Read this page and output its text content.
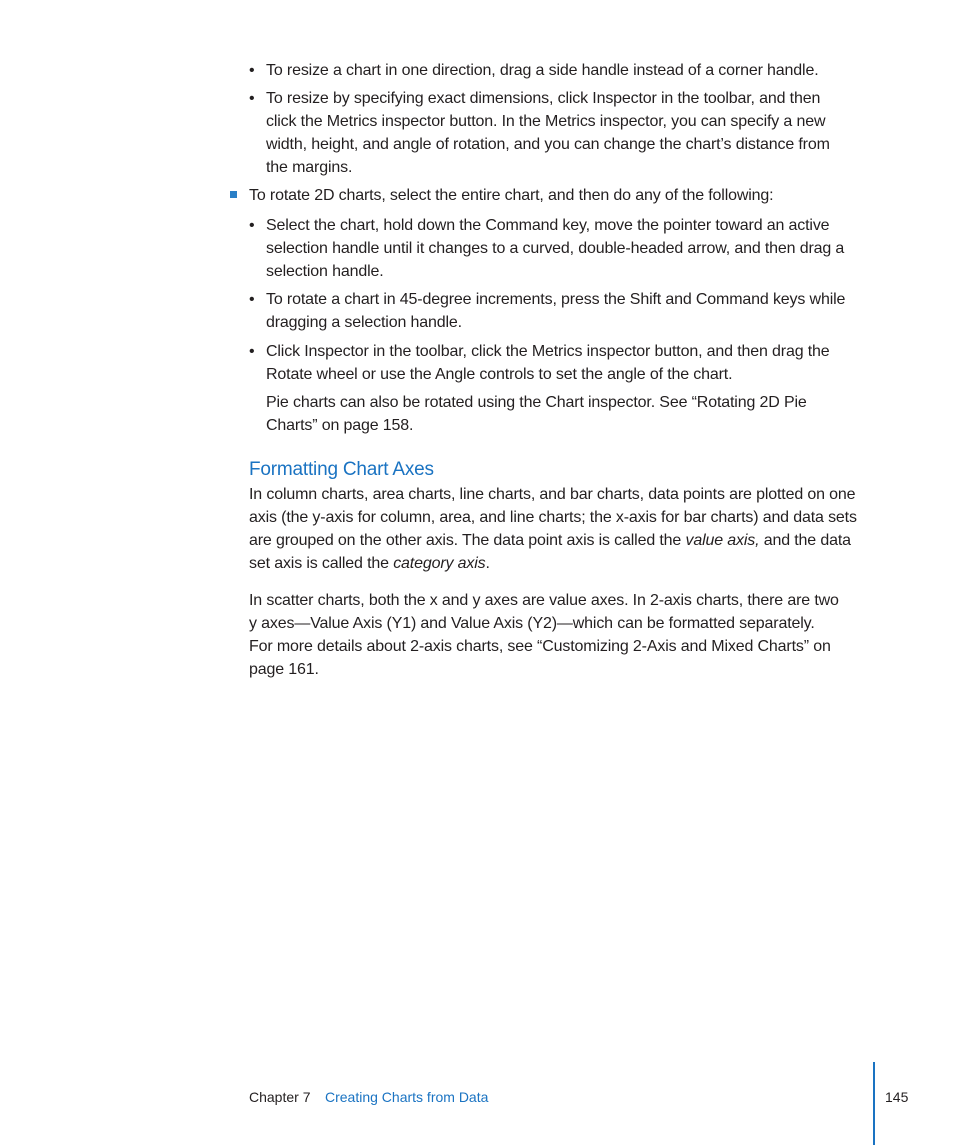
• To resize a chart in one direction, drag a side handle instead of a corner handle.

• To resize by specifying exact dimensions, click Inspector in the toolbar, and then
click the Metrics inspector button. In the Metrics inspector, you can specify a new
width, height, and angle of rotation, and you can change the chart’s distance from
the margins.

To rotate 2D charts, select the entire chart, and then do any of the following:

• Select the chart, hold down the Command key, move the pointer toward an active
selection handle until it changes to a curved, double-headed arrow, and then drag a
selection handle.

• To rotate a chart in 45-degree increments, press the Shift and Command keys while
dragging a selection handle.

• Click Inspector in the toolbar, click the Metrics inspector button, and then drag the
Rotate wheel or use the Angle controls to set the angle of the chart.

Pie charts can also be rotated using the Chart inspector. See “Rotating 2D Pie
Charts” on page 158.

Formatting Chart Axes

In column charts, area charts, line charts, and bar charts, data points are plotted on one
axis (the y-axis for column, area, and line charts; the x-axis for bar charts) and data sets
are grouped on the other axis. The data point axis is called the value axis, and the data
set axis is called the category axis.

In scatter charts, both the x and y axes are value axes. In 2-axis charts, there are two
y axes—Value Axis (Y1) and Value Axis (Y2)—which can be formatted separately.
For more details about 2-axis charts, see “Customizing 2-Axis and Mixed Charts” on
page 161.

Chapter 7 Creating Charts from Data	145
